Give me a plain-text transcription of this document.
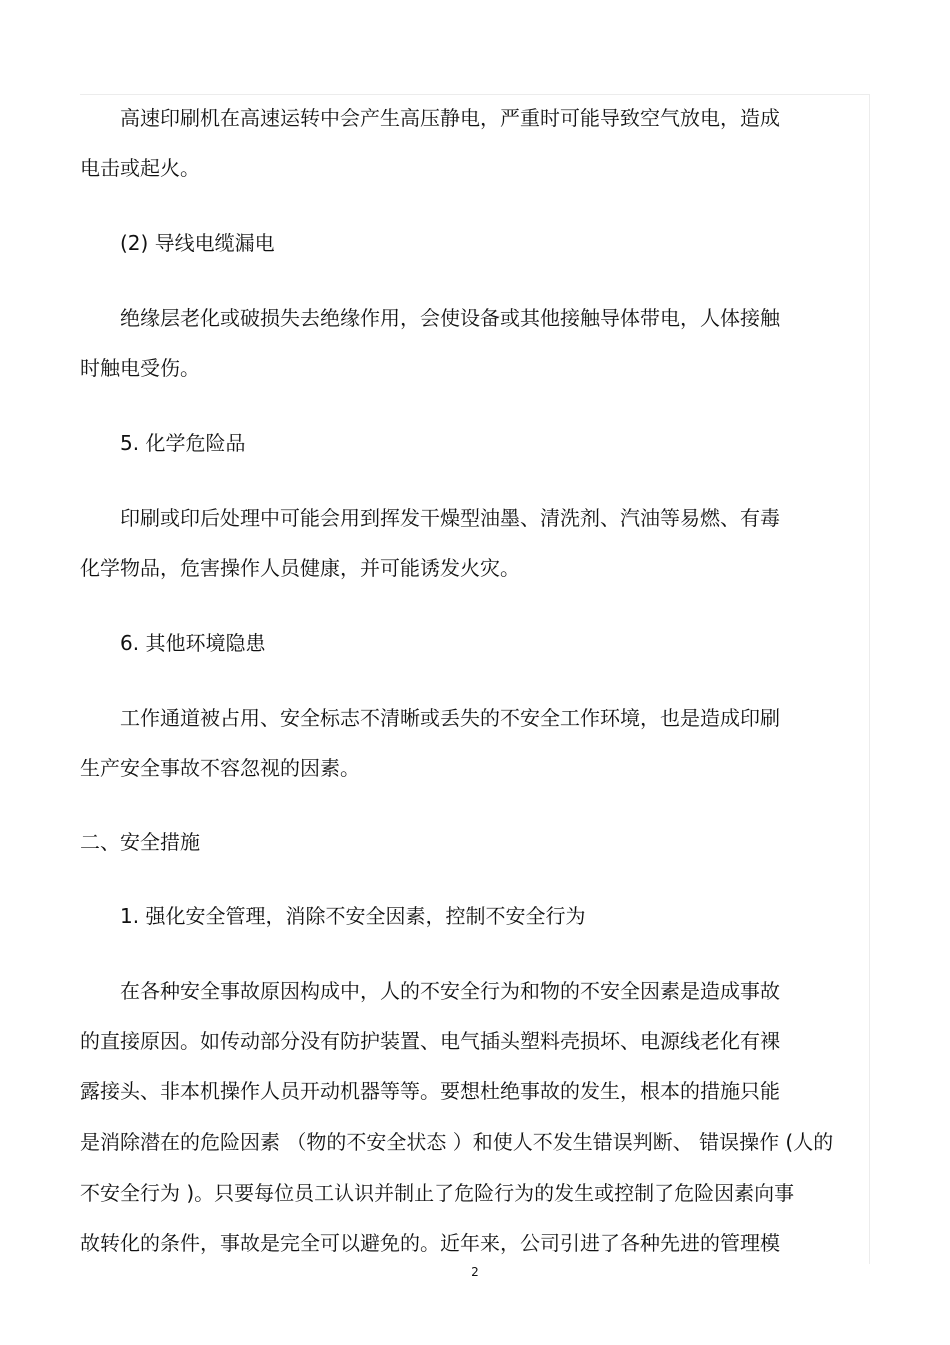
高速印刷机在高速运转中会产生高压静电，严重时可能导致空气放电，造成
电击或起火。
(2) 导线电缆漏电
绝缘层老化或破损失去绝缘作用，会使设备或其他接触导体带电，人体接触
时触电受伤。
5. 化学危险品
印刷或印后处理中可能会用到挥发干燥型油墨、清洗剂、汽油等易燃、有毒
化学物品，危害操作人员健康，并可能诱发火灾。
6. 其他环境隐患
工作通道被占用、安全标志不清晰或丢失的不安全工作环境，也是造成印刷
生产安全事故不容忽视的因素。
二、安全措施
1. 强化安全管理，消除不安全因素，控制不安全行为
在各种安全事故原因构成中，人的不安全行为和物的不安全因素是造成事故
的直接原因。如传动部分没有防护装置、电气插头塑料壳损坏、电源线老化有裸
露接头、非本机操作人员开动机器等等。要想杜绝事故的发生，根本的措施只能
是消除潜在的危险因素 （物的不安全状态 ）和使人不发生错误判断、 错误操作 (人的
不安全行为 )。只要每位员工认识并制止了危险行为的发生或控制了危险因素向事
故转化的条件，事故是完全可以避免的。近年来，公司引进了各种先进的管理模
2
